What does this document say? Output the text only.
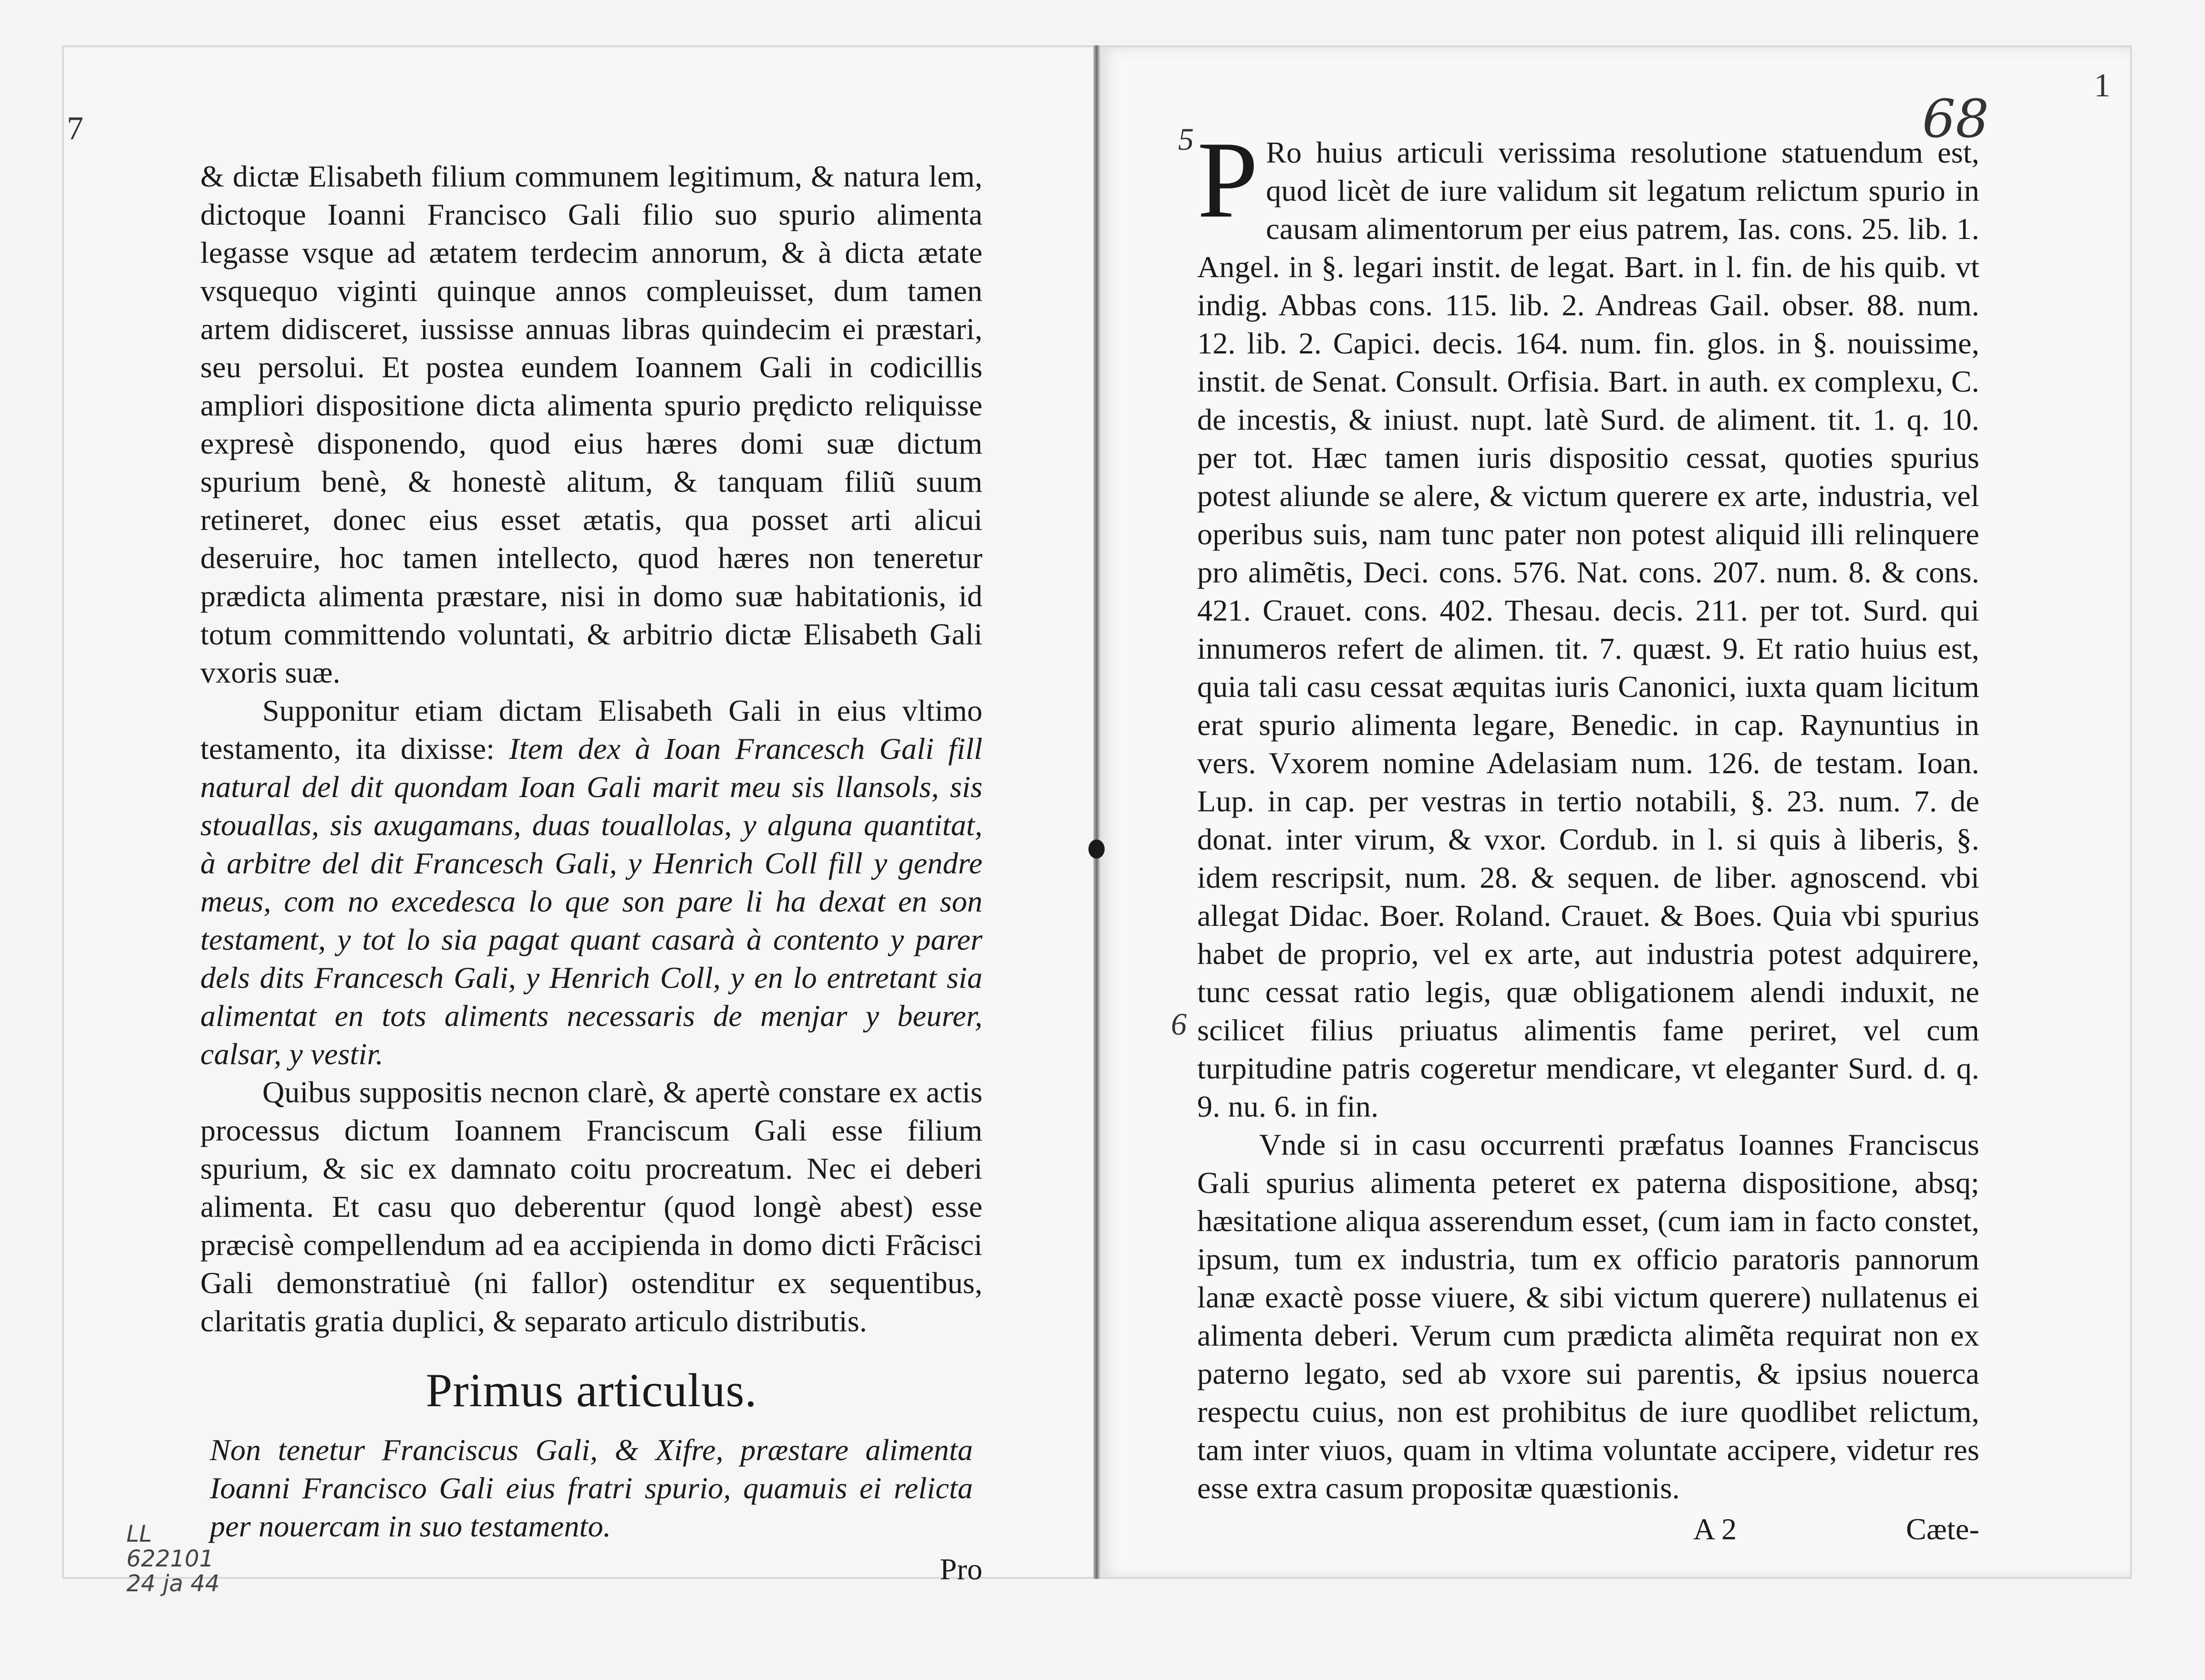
7

& dictæ Elisabeth filium communem legitimum, & natura lem, dictoque Ioanni Francisco Gali filio suo spurio alimenta legasse vsque ad ætatem terdecim annorum, & à dicta ætate vsquequo viginti quinque annos compleuisset, dum tamen artem didisceret, iussisse annuas libras quindecim ei præstari, seu persolui. Et postea eundem Ioannem Gali in codicillis ampliori dispositione dicta alimenta spurio prędicto reliquisse expresè disponendo, quod eius hæres domi suæ dictum spurium benè, & honestè alitum, & tanquam filiũ suum retineret, donec eius esset ætatis, qua posset arti alicui deseruire, hoc tamen intellecto, quod hæres non teneretur prædicta alimenta præstare, nisi in domo suæ habitationis, id totum committendo voluntati, & arbitrio dictæ Elisabeth Gali vxoris suæ.

Supponitur etiam dictam Elisabeth Gali in eius vltimo testamento, ita dixisse: Item dex à Ioan Francesch Gali fill natural del dit quondam Ioan Gali marit meu sis llansols, sis stouallas, sis axugamans, duas touallolas, y alguna quantitat, à arbitre del dit Francesch Gali, y Henrich Coll fill y gendre meus, com no excedesca lo que son pare li ha dexat en son testament, y tot lo sia pagat quant casarà à contento y parer dels dits Francesch Gali, y Henrich Coll, y en lo entretant sia alimentat en tots aliments necessaris de menjar y beurer, calsar, y vestir.

Quibus suppositis necnon clarè, & apertè constare ex actis processus dictum Ioannem Franciscum Gali esse filium spurium, & sic ex damnato coitu procreatum. Nec ei deberi alimenta. Et casu quo deberentur (quod longè abest) esse præcisè compellendum ad ea accipienda in domo dicti Frãcisci Gali demonstratiuè (ni fallor) ostenditur ex sequentibus, claritatis gratia duplici, & separato articulo distributis.

Primus articulus.

Non tenetur Franciscus Gali, & Xifre, præstare alimenta Ioanni Francisco Gali eius fratri spurio, quamuis ei relicta per nouercam in suo testamento.

Pro
68
1
5
6

P Ro huius articuli verissima resolutione statuendum est, quod licèt de iure validum sit legatum relictum spurio in causam alimentorum per eius patrem, Ias. cons. 25. lib. 1. Angel. in §. legari instit. de legat. Bart. in l. fin. de his quib. vt indig. Abbas cons. 115. lib. 2. Andreas Gail. obser. 88. num. 12. lib. 2. Capici. decis. 164. num. fin. glos. in §. nouissime, instit. de Senat. Consult. Orfisia. Bart. in auth. ex complexu, C. de incestis, & iniust. nupt. latè Surd. de aliment. tit. 1. q. 10. per tot. Hæc tamen iuris dispositio cessat, quoties spurius potest aliunde se alere, & victum querere ex arte, industria, vel operibus suis, nam tunc pater non potest aliquid illi relinquere pro alimẽtis, Deci. cons. 576. Nat. cons. 207. num. 8. & cons. 421. Crauet. cons. 402. Thesau. decis. 211. per tot. Surd. qui innumeros refert de alimen. tit. 7. quæst. 9. Et ratio huius est, quia tali casu cessat æquitas iuris Canonici, iuxta quam licitum erat spurio alimenta legare, Benedic. in cap. Raynuntius in vers. Vxorem nomine Adelasiam num. 126. de testam. Ioan. Lup. in cap. per vestras in tertio notabili, §. 23. num. 7. de donat. inter virum, & vxor. Cordub. in l. si quis à liberis, §. idem rescripsit, num. 28. & sequen. de liber. agnoscend. vbi allegat Didac. Boer. Roland. Crauet. & Boes. Quia vbi spurius habet de proprio, vel ex arte, aut industria potest adquirere, tunc cessat ratio legis, quæ obligationem alendi induxit, ne scilicet filius priuatus alimentis fame periret, vel cum turpitudine patris cogeretur mendicare, vt eleganter Surd. d. q. 9. nu. 6. in fin.

Vnde si in casu occurrenti præfatus Ioannes Franciscus Gali spurius alimenta peteret ex paterna dispositione, absq; hæsitatione aliqua asserendum esset, (cum iam in facto constet, ipsum, tum ex industria, tum ex officio paratoris pannorum lanæ exactè posse viuere, & sibi victum querere) nullatenus ei alimenta deberi. Verum cum prædicta alimẽta requirat non ex paterno legato, sed ab vxore sui parentis, & ipsius nouerca respectu cuius, non est prohibitus de iure quodlibet relictum, tam inter viuos, quam in vltima voluntate accipere, videtur res esse extra casum propositæ quæstionis.

A 2	Cæte-
LL
622101
24 ja 44
